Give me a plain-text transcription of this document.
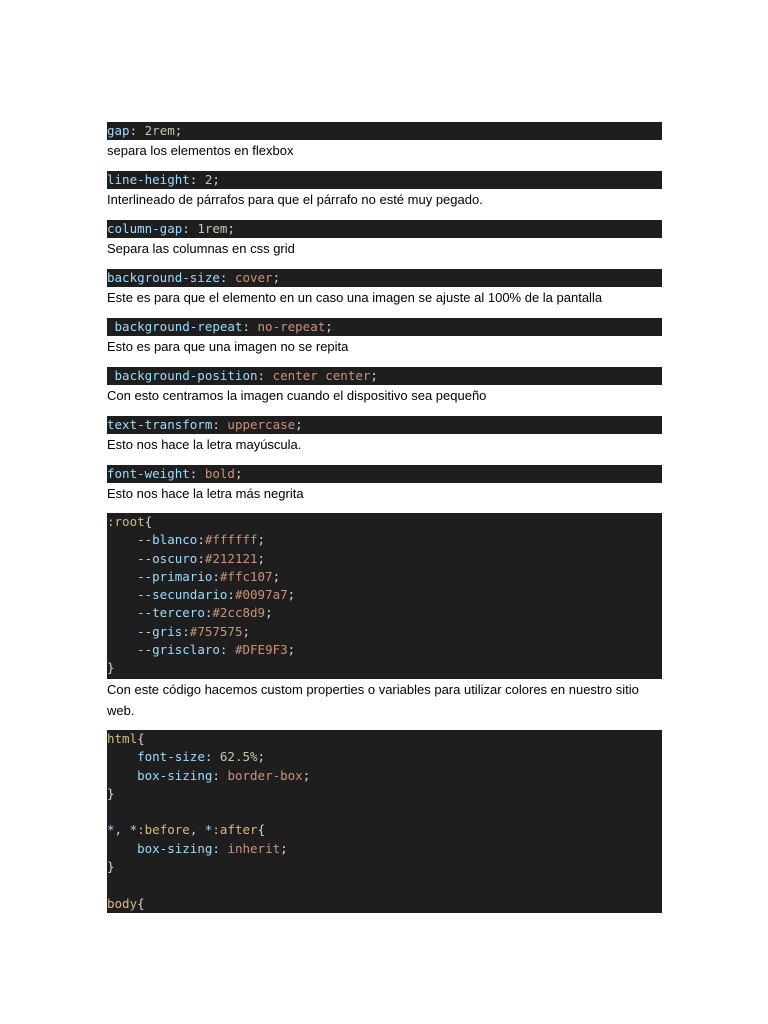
gap: 2rem;
separa los elementos en flexbox
line-height: 2;
Interlineado de párrafos para que el párrafo no esté muy pegado.
column-gap: 1rem;
Separa las columnas en css grid
background-size: cover;
Este es para que el elemento en un caso una imagen se ajuste al 100% de la pantalla
background-repeat: no-repeat;
Esto es para que una imagen no se repita
background-position: center center;
Con esto centramos la imagen cuando el dispositivo sea pequeño
text-transform: uppercase;
Esto nos hace la letra mayúscula.
font-weight: bold;
Esto nos hace la letra más negrita
:root{
--blanco:#ffffff;
--oscuro:#212121;
--primario:#ffc107;
--secundario:#0097a7;
--tercero:#2cc8d9;
--gris:#757575;
--grisclaro: #DFE9F3;
}
Con este código hacemos custom properties o variables para utilizar colores en nuestro sitio web.
html{
font-size: 62.5%;
box-sizing: border-box;
}

*, *:before, *:after{
box-sizing: inherit;
}

body{
